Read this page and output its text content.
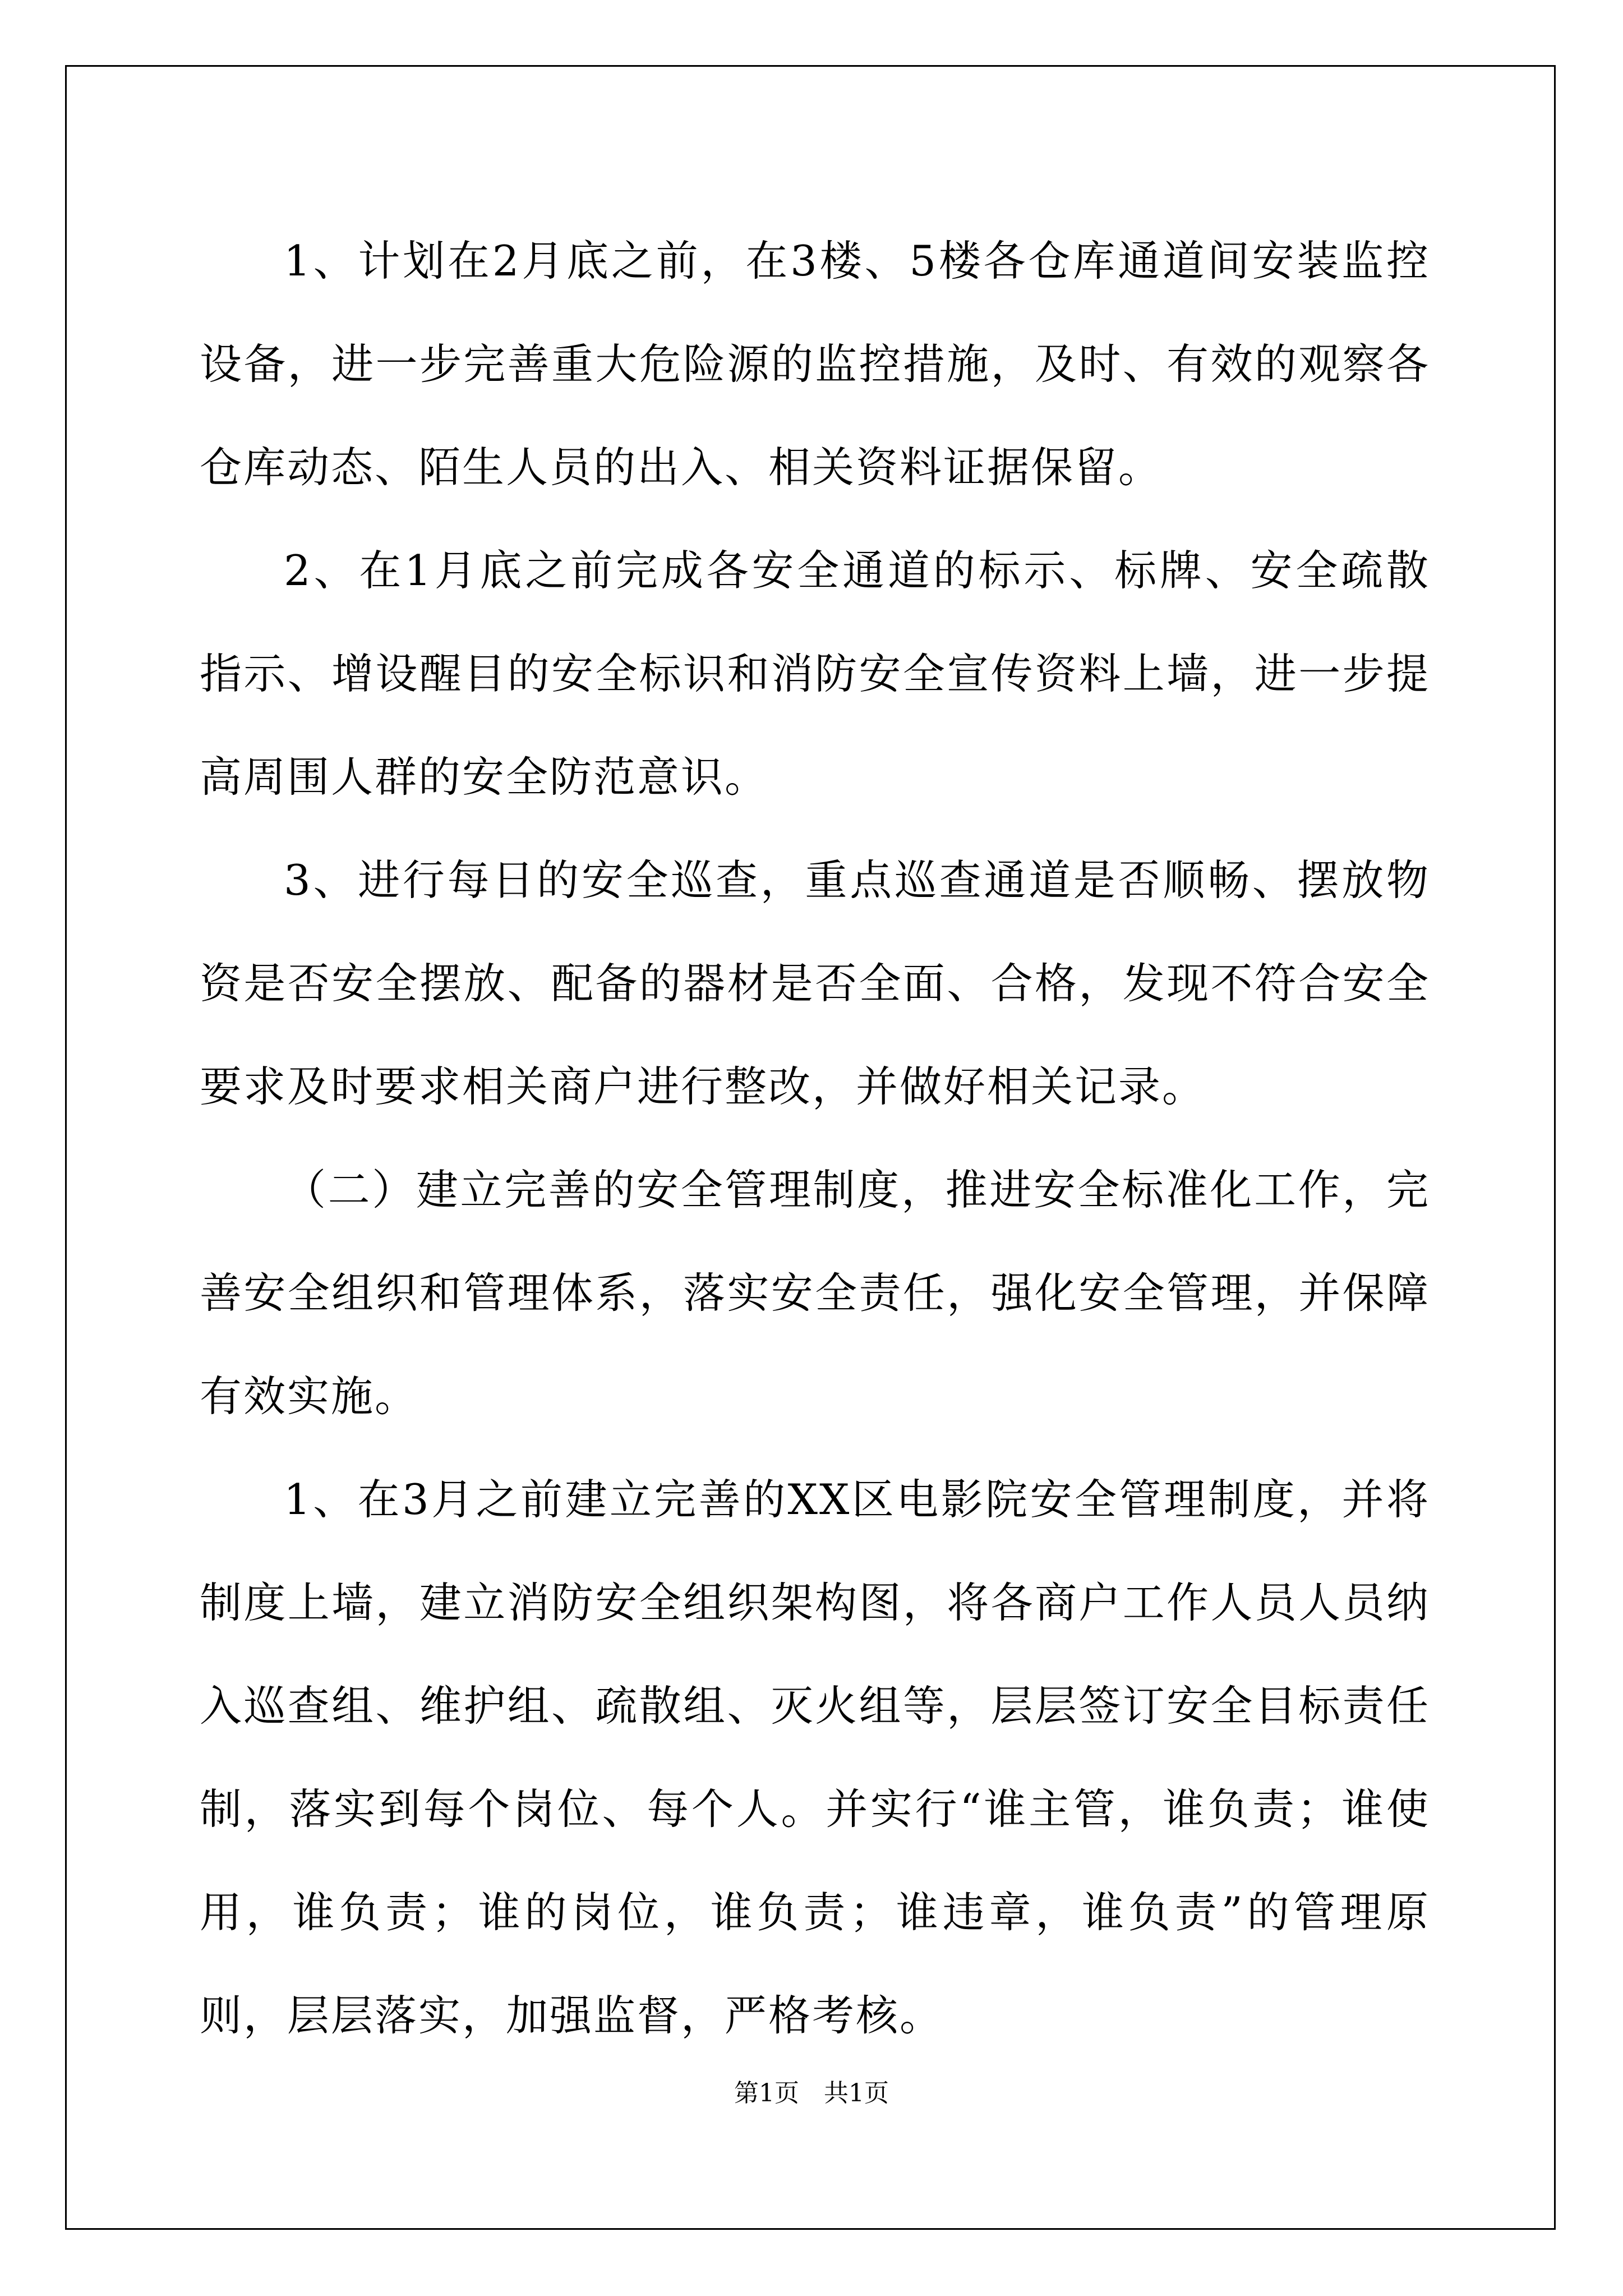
1、计划在2月底之前，在3楼、5楼各仓库通道间安装监控设备，进一步完善重大危险源的监控措施，及时、有效的观察各仓库动态、陌生人员的出入、相关资料证据保留。

2、在1月底之前完成各安全通道的标示、标牌、安全疏散指示、增设醒目的安全标识和消防安全宣传资料上墙，进一步提高周围人群的安全防范意识。

3、进行每日的安全巡查，重点巡查通道是否顺畅、摆放物资是否安全摆放、配备的器材是否全面、合格，发现不符合安全要求及时要求相关商户进行整改，并做好相关记录。

（二）建立完善的安全管理制度，推进安全标准化工作，完善安全组织和管理体系，落实安全责任，强化安全管理，并保障有效实施。

1、在3月之前建立完善的XX区电影院安全管理制度，并将制度上墙，建立消防安全组织架构图，将各商户工作人员人员纳入巡查组、维护组、疏散组、灭火组等，层层签订安全目标责任制，落实到每个岗位、每个人。并实行“谁主管，谁负责；谁使用，谁负责；谁的岗位，谁负责；谁违章，谁负责”的管理原则，层层落实，加强监督，严格考核。

第1页 共1页
